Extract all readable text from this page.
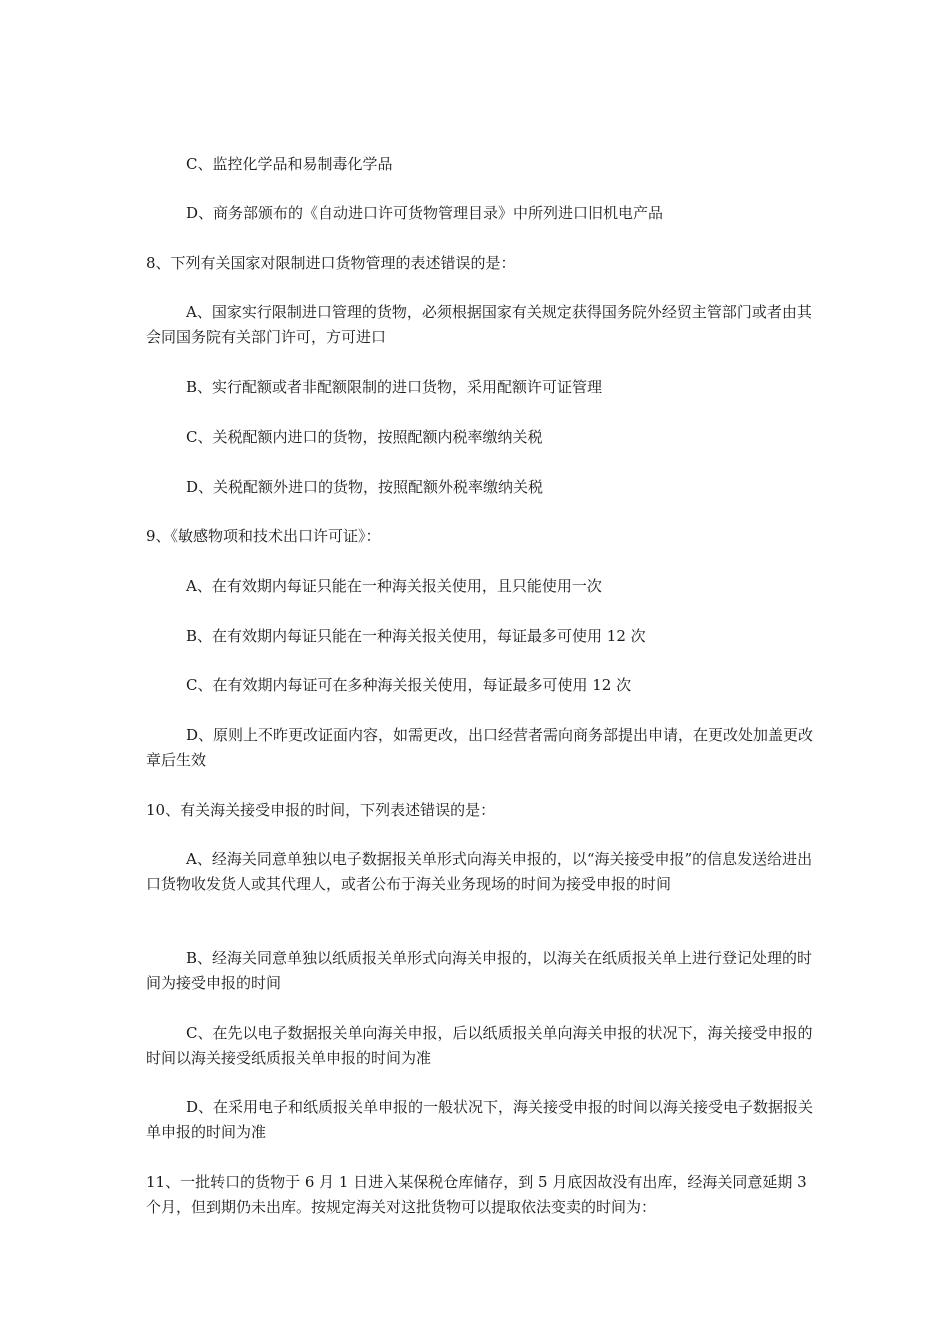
C、监控化学品和易制毒化学品
D、商务部颁布的《自动进口许可货物管理目录》中所列进口旧机电产品
8、下列有关国家对限制进口货物管理的表述错误的是：
A、国家实行限制进口管理的货物，必须根据国家有关规定获得国务院外经贸主管部门或者由其会同国务院有关部门许可，方可进口
B、实行配额或者非配额限制的进口货物，采用配额许可证管理
C、关税配额内进口的货物，按照配额内税率缴纳关税
D、关税配额外进口的货物，按照配额外税率缴纳关税
9、《敏感物项和技术出口许可证》：
A、在有效期内每证只能在一种海关报关使用，且只能使用一次
B、在有效期内每证只能在一种海关报关使用，每证最多可使用 12 次
C、在有效期内每证可在多种海关报关使用，每证最多可使用 12 次
D、原则上不昨更改证面内容，如需更改，出口经营者需向商务部提出申请，在更改处加盖更改章后生效
10、有关海关接受申报的时间，下列表述错误的是：
A、经海关同意单独以电子数据报关单形式向海关申报的，以“海关接受申报”的信息发送给进出口货物收发货人或其代理人，或者公布于海关业务现场的时间为接受申报的时间
B、经海关同意单独以纸质报关单形式向海关申报的，以海关在纸质报关单上进行登记处理的时间为接受申报的时间
C、在先以电子数据报关单向海关申报，后以纸质报关单向海关申报的状况下，海关接受申报的时间以海关接受纸质报关单申报的时间为准
D、在采用电子和纸质报关单申报的一般状况下，海关接受申报的时间以海关接受电子数据报关单申报的时间为准
11、一批转口的货物于 6 月 1 日进入某保税仓库储存，到 5 月底因故没有出库，经海关同意延期 3 个月，但到期仍未出库。按规定海关对这批货物可以提取依法变卖的时间为：
